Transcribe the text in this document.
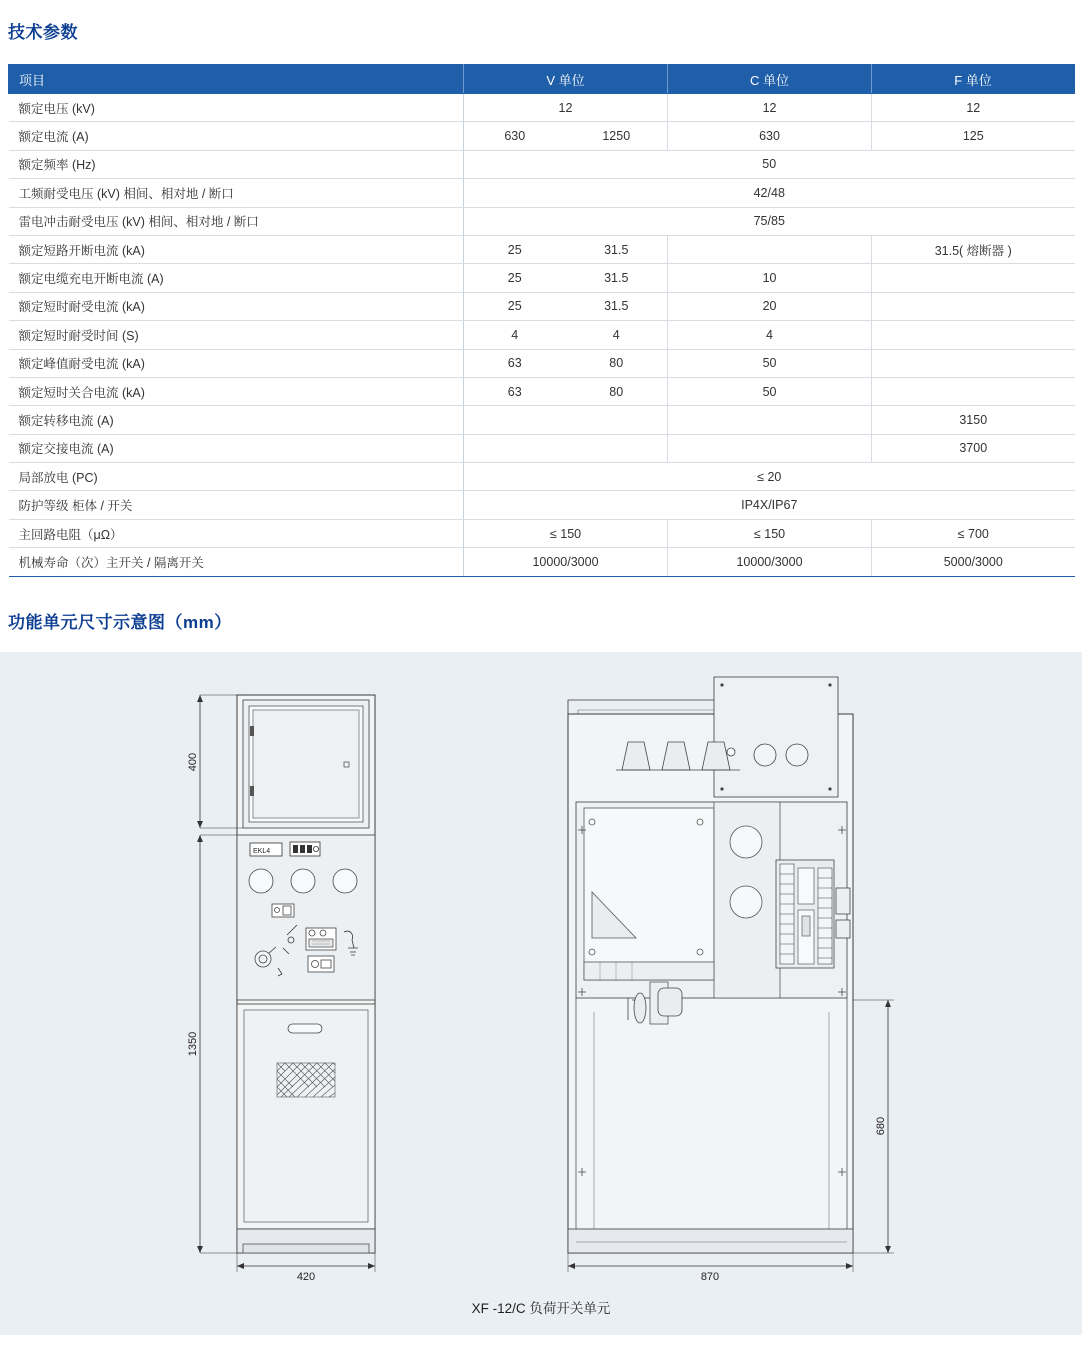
技术参数
项目	V 单位		C 单位	F 单位
额定电压 (kV)	12		12	12
额定电流 (A)	630	1250	630	125
额定频率 (Hz)	50			
工频耐受电压 (kV) 相间、相对地 / 断口	42/48			
雷电冲击耐受电压 (kV) 相间、相对地 / 断口	75/85			
额定短路开断电流 (kA)	25	31.5		31.5( 熔断器 )
额定电缆充电开断电流 (A)	25	31.5	10	
额定短时耐受电流 (kA)	25	31.5	20	
额定短时耐受时间 (S)	4	4	4	
额定峰值耐受电流 (kA)	63	80	50	
额定短时关合电流 (kA)	63	80	50	
额定转移电流 (A)				3150
额定交接电流 (A)				3700
局部放电 (PC)	≤ 20			
防护等级 柜体 / 开关	IP4X/IP67			
主回路电阻（μΩ）	≤ 150		≤ 150	≤ 700
机械寿命（次）主开关 / 隔离开关	10000/3000		10000/3000	5000/3000
功能单元尺寸示意图（mm）
EKL4
400
1350
420
680
870
XF -12/C 负荷开关单元
